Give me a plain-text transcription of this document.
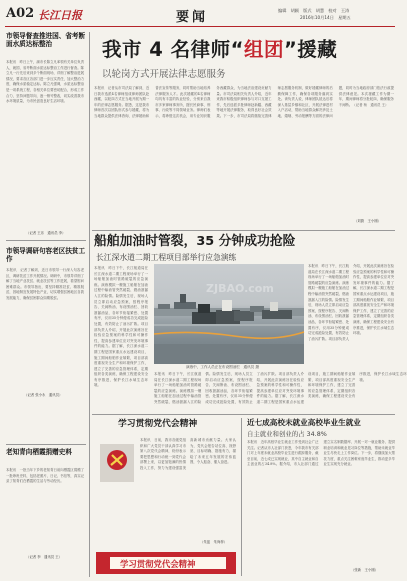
A02 长江日报	要闻	编辑　胡颖　版式　胡慧　校对　王涛
2016年10月14日　星期五
市领导督查推进国、省考断面水质达标整治
本报讯　昨日上午，副市长陈立凡率领有关单位负责人，就国、省考断面水质达标整治工作进行督查。陈立凡一行先后来到多个断面现场，详细了解整治进展情况，要求各区各部门进一步压实责任，加大整治力度，确保水质稳定达标。陈立凡强调，水质达标整治是一项系统工程，各相关单位要密切配合，形成工作合力，坚持问题导向，逐一销号整改，切实改善我市水环境质量，为市民创造良好生活环境。
（记者 王乐　通讯员 李）
市领导调研句容老区扶贫工作
本报讯　记者了解到，近日市领导一行深入句容老区，调研扶贫工作开展情况。调研中，市领导详细了解了当地产业扶贫、就业扶贫等工作进展，看望慰问困难群众。市领导指出，要坚持精准扶贫、精准脱贫，因地制宜发展特色产业，切实增强贫困地区自我发展能力，确保贫困群众如期脱贫。
（记者 张小永　通讯员）
老知青向栖霞捐赠史料
本报讯　一批当年下乡的老知青日前向栖霞区捐赠了一批珍贵史料，包括老照片、日记、书信等，真实记录了知青们在栖霞的生活与劳动经历。
（记者 李　通讯员 王）
我市 4 名律师“组团”援藏
以轮岗方式开展法律志愿服务
本报讯　记者从市司法局了解到，近日我市选派4名律师组成律师团队赴西藏，以轮岗方式在当地开展为期一年的法律志愿服务。据悉，这是我市律师首次以团队形式参与援藏，将为当地群众提供法律咨询、法律援助和普法宣传等服务，同时帮助当地培养法律服务人才。此次援藏的4名律师均具有丰富的执业经验，分别来自我市多家律师事务所，擅长民商事、刑事、行政等不同领域业务。律师们表示，将珍惜这次机会，用专业知识服务西藏群众，为当地法治建设贡献力量。市司法局相关负责人介绍，近年来我市积极组织律师参与对口支援工作，先后选派多批律师赴新疆、西藏等地开展法律服务，取得良好社会效果。下一步，市司法局将继续完善律师志愿服务机制，做好援藏律师的后勤保障工作，确保各项服务落到实处。该负责人说，律师团队抵达后将深入基层乡镇和社区，开展法律进村入户活动，帮助当地群众解决涉及土地、婚姻、劳动报酬等方面的法律问题，同时为当地政府部门依法行政提供法律意见。本次援藏工作为期一年，期间律师将分批轮岗，确保服务不间断。（记者 杨　通讯员 王）
（刘蔚　王小刚）
船舶加油时管裂，35 分钟成功抢险
长江深水道二期工程项目部举行应急演练
本报讯　昨日下午，长江航道局在长江深水道二期工程现场举行了一场船舶加油时管路破裂的应急演练。演练模拟一艘施工船舶在加油过程中输油管突然破裂、燃油泄漏入江的险情。险情发生后，现场人员立即启动应急预案，按程序报告、关阀断油、布设围油栏、回收泄漏油品，各环节衔接紧密、处置有序，仅用35分钟便成功完成抢险处置，有效防止了油污扩散。项目部负责人介绍，开展此次演练旨在检验应急预案的科学性和可操作性，提高参建单位应对突发环境事件的能力。据了解，长江深水道二期工程是国家重点水运建设项目，施工期间船舶作业频繁，项目部高度重视安全生产和环境保护工作，建立了完善的应急管理体系，定期组织各类演练，确保工程建设安全有序推进，保护长江水域生态环境。
ZJBAO.com
演练中，工作人员正在布设围油栏　通讯员 摄
本报讯　昨日下午，长江航道局在长江深水道二期工程现场举行了一场船舶加油时管路破裂的应急演练。演练模拟一艘施工船舶在加油过程中输油管突然破裂、燃油泄漏入江的险情。险情发生后，现场人员立即启动应急预案，按程序报告、关阀断油、布设围油栏、回收泄漏油品，各环节衔接紧密、处置有序，仅用35分钟便成功完成抢险处置，有效防止了油污扩散。项目部负责人介绍，开展此次演练旨在检验应急预案的科学性和可操作性，提高参建单位应对突发环境事件的能力。据了解，长江深水道二期工程是国家重点水运建设项目，施工期间船舶作业频繁，项目部高度重视安全生产和环境保护工作，建立了完善的应急管理体系，定期组织各类演练，确保工程建设安全有序推进，保护长江水域生态环境。
本报讯　昨日下午，长江航道局在长江深水道二期工程现场举行了一场船舶加油时管路破裂的应急演练。演练模拟一艘施工船舶在加油过程中输油管突然破裂、燃油泄漏入江的险情。险情发生后，现场人员立即启动应急预案，按程序报告、关阀断油、布设围油栏、回收泄漏油品，各环节衔接紧密、处置有序，仅用35分钟便成功完成抢险处置，有效防止了油污扩散。项目部负责人介绍，开展此次演练旨在检验应急预案的科学性和可操作性，提高参建单位应对突发环境事件的能力。据了解，长江深水道二期工程是国家重点水运建设项目，施工期间船舶作业频繁，项目部高度重视安全生产和环境保护工作，建立了完善的应急管理体系，定期组织各类演练，确保工程建设安全有序推进，保护长江水域生态环境。
学习贯彻党代会精神
本报讯　日前，我市各级党组织和广大党员干部认真学习市第八次党代会精神，纷纷表示要把思想和行动统一到党代会部署上来，以更加饱满的热情投入工作，努力为建设强富美高新城市贡献力量。大家认为，党代会报告站位高、视野宽、目标明确、措施有力，描绘了未来五年发展的宏伟蓝图，令人振奋、催人奋进。
（朱蓝　朱尚梓）
学习贯彻党代会精神
近七成高校未就业高校毕业生就业
自主就业和创业的占 34.8%
本报讯　近年高校毕业生就业工作受到社会广泛关注。记者从市人社部门获悉，今年我市有关部门对上年度未就业高校毕业生进行跟踪服务，截至目前，近七成已实现就业，其中自主就业和自主创业的占34.8%。据介绍，市人社部门通过建立实名制数据库、开展一对一就业服务、提供职业培训和就业见习岗位等措施，帮助未就业毕业生尽快走上工作岗位。下一步，将继续加大帮扶力度，重点关注困难家庭毕业生，推动更多毕业生实现充分就业。
（张新　王小刚）
